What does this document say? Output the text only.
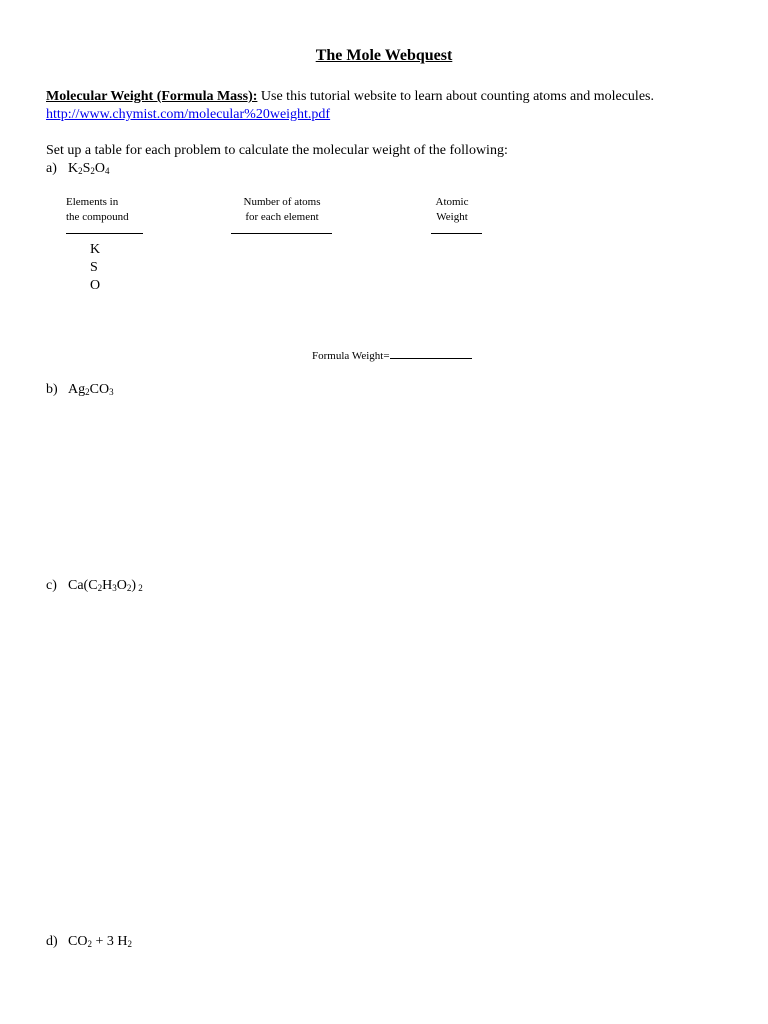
The Mole Webquest
Molecular Weight (Formula Mass): Use this tutorial website to learn about counting atoms and molecules.
http://www.chymist.com/molecular%20weight.pdf
Set up a table for each problem to calculate the molecular weight of the following:
a) $K_2S_2O_4$
Elements in
the compound
Number of atoms
for each element
Atomic
Weight
K
S
O
Formula Weight=
b) $Ag_2CO_3$
c) $Ca(C_2H_3O_2)$ $_2$
d) $CO_2 + 3$ $H_2$
